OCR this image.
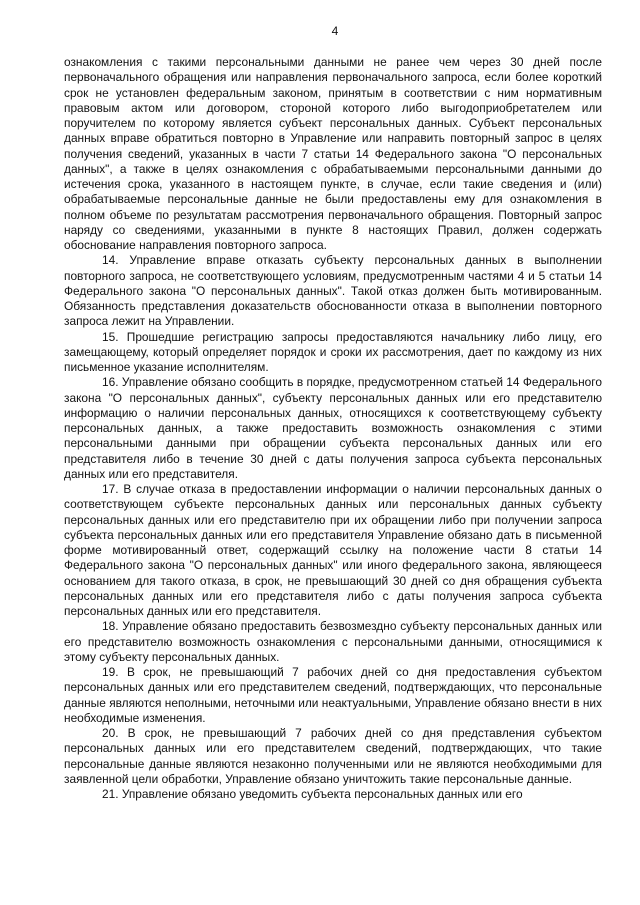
4

ознакомления с такими персональными данными не ранее чем через 30 дней после первоначального обращения или направления первоначального запроса, если более короткий срок не установлен федеральным законом, принятым в соответствии с ним нормативным правовым актом или договором, стороной которого либо выгодоприобретателем или поручителем по которому является субъект персональных данных. Субъект персональных данных вправе обратиться повторно в Управление или направить повторный запрос в целях получения сведений, указанных в части 7 статьи 14 Федерального закона "О персональных данных", а также в целях ознакомления с обрабатываемыми персональными данными до истечения срока, указанного в настоящем пункте, в случае, если такие сведения и (или) обрабатываемые персональные данные не были предоставлены ему для ознакомления в полном объеме по результатам рассмотрения первоначального обращения. Повторный запрос наряду со сведениями, указанными в пункте 8 настоящих Правил, должен содержать обоснование направления повторного запроса.

14. Управление вправе отказать субъекту персональных данных в выполнении повторного запроса, не соответствующего условиям, предусмотренным частями 4 и 5 статьи 14 Федерального закона "О персональных данных". Такой отказ должен быть мотивированным. Обязанность представления доказательств обоснованности отказа в выполнении повторного запроса лежит на Управлении.

15. Прошедшие регистрацию запросы предоставляются начальнику либо лицу, его замещающему, который определяет порядок и сроки их рассмотрения, дает по каждому из них письменное указание исполнителям.

16. Управление обязано сообщить в порядке, предусмотренном статьей 14 Федерального закона "О персональных данных", субъекту персональных данных или его представителю информацию о наличии персональных данных, относящихся к соответствующему субъекту персональных данных, а также предоставить возможность ознакомления с этими персональными данными при обращении субъекта персональных данных или его представителя либо в течение 30 дней с даты получения запроса субъекта персональных данных или его представителя.

17. В случае отказа в предоставлении информации о наличии персональных данных о соответствующем субъекте персональных данных или персональных данных субъекту персональных данных или его представителю при их обращении либо при получении запроса субъекта персональных данных или его представителя Управление обязано дать в письменной форме мотивированный ответ, содержащий ссылку на положение части 8 статьи 14 Федерального закона "О персональных данных" или иного федерального закона, являющееся основанием для такого отказа, в срок, не превышающий 30 дней со дня обращения субъекта персональных данных или его представителя либо с даты получения запроса субъекта персональных данных или его представителя.

18. Управление обязано предоставить безвозмездно субъекту персональных данных или его представителю возможность ознакомления с персональными данными, относящимися к этому субъекту персональных данных.

19. В срок, не превышающий 7 рабочих дней со дня предоставления субъектом персональных данных или его представителем сведений, подтверждающих, что персональные данные являются неполными, неточными или неактуальными, Управление обязано внести в них необходимые изменения.

20. В срок, не превышающий 7 рабочих дней со дня представления субъектом персональных данных или его представителем сведений, подтверждающих, что такие персональные данные являются незаконно полученными или не являются необходимыми для заявленной цели обработки, Управление обязано уничтожить такие персональные данные.

21. Управление обязано уведомить субъекта персональных данных или его
